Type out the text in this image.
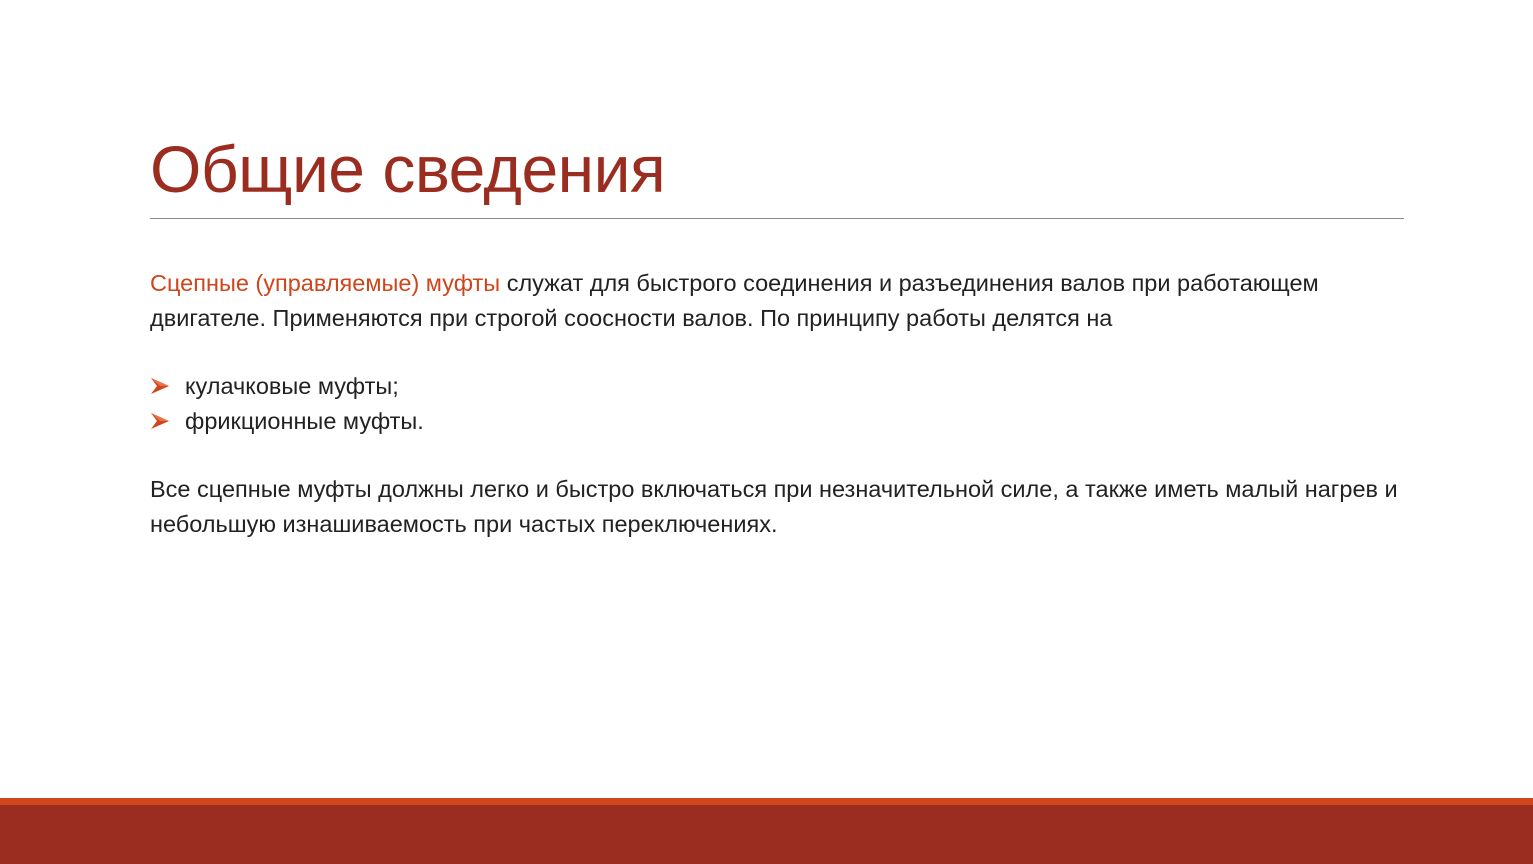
Общие сведения

Сцепные (управляемые) муфты служат для быстрого соединения и разъединения валов при работающем двигателе. Применяются при строгой соосности валов. По принципу работы делятся на

кулачковые муфты;
фрикционные муфты.

Все сцепные муфты должны легко и быстро включаться при незначительной силе, а также иметь малый нагрев и небольшую изнашиваемость при частых переключениях.
